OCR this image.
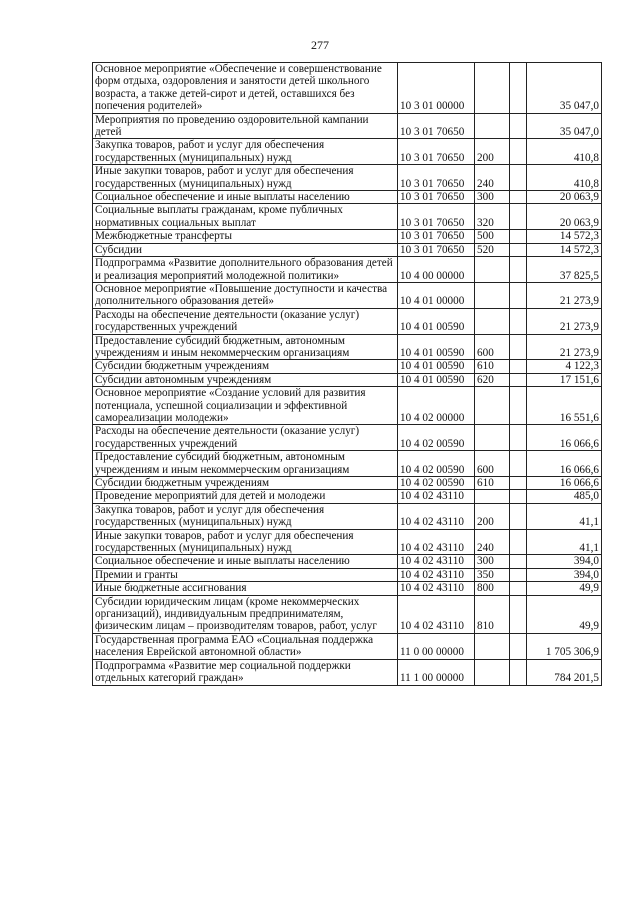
277
Основное мероприятие «Обеспечение и совершенствование форм отдыха, оздоровления и занятости детей школьного возраста, а также детей-сирот и детей, оставшихся без попечения родителей»	10 3 01 00000			35 047,0
Мероприятия по проведению оздоровительной кампании детей	10 3 01 70650			35 047,0
Закупка товаров, работ и услуг для обеспечения государственных (муниципальных) нужд	10 3 01 70650	200		410,8
Иные закупки товаров, работ и услуг для обеспечения государственных (муниципальных) нужд	10 3 01 70650	240		410,8
Социальное обеспечение и иные выплаты населению	10 3 01 70650	300		20 063,9
Социальные выплаты гражданам, кроме публичных нормативных социальных выплат	10 3 01 70650	320		20 063,9
Межбюджетные трансферты	10 3 01 70650	500		14 572,3
Субсидии	10 3 01 70650	520		14 572,3
Подпрограмма «Развитие дополнительного образования детей и реализация мероприятий молодежной политики»	10 4 00 00000			37 825,5
Основное мероприятие «Повышение доступности и качества дополнительного образования детей»	10 4 01 00000			21 273,9
Расходы на обеспечение деятельности (оказание услуг) государственных учреждений	10 4 01 00590			21 273,9
Предоставление субсидий бюджетным, автономным учреждениям и иным некоммерческим организациям	10 4 01 00590	600		21 273,9
Субсидии бюджетным учреждениям	10 4 01 00590	610		4 122,3
Субсидии автономным учреждениям	10 4 01 00590	620		17 151,6
Основное мероприятие «Создание условий для развития потенциала, успешной социализации и эффективной самореализации молодежи»	10 4 02 00000			16 551,6
Расходы на обеспечение деятельности (оказание услуг) государственных учреждений	10 4 02 00590			16 066,6
Предоставление субсидий бюджетным, автономным учреждениям и иным некоммерческим организациям	10 4 02 00590	600		16 066,6
Субсидии бюджетным учреждениям	10 4 02 00590	610		16 066,6
Проведение мероприятий для детей и молодежи	10 4 02 43110			485,0
Закупка товаров, работ и услуг для обеспечения государственных (муниципальных) нужд	10 4 02 43110	200		41,1
Иные закупки товаров, работ и услуг для обеспечения государственных (муниципальных) нужд	10 4 02 43110	240		41,1
Социальное обеспечение и иные выплаты населению	10 4 02 43110	300		394,0
Премии и гранты	10 4 02 43110	350		394,0
Иные бюджетные ассигнования	10 4 02 43110	800		49,9
Субсидии юридическим лицам (кроме некоммерческих организаций), индивидуальным предпринимателям, физическим лицам – производителям товаров, работ, услуг	10 4 02 43110	810		49,9
Государственная программа ЕАО «Социальная поддержка населения Еврейской автономной области»	11 0 00 00000			1 705 306,9
Подпрограмма «Развитие мер социальной поддержки отдельных категорий граждан»	11 1 00 00000			784 201,5
